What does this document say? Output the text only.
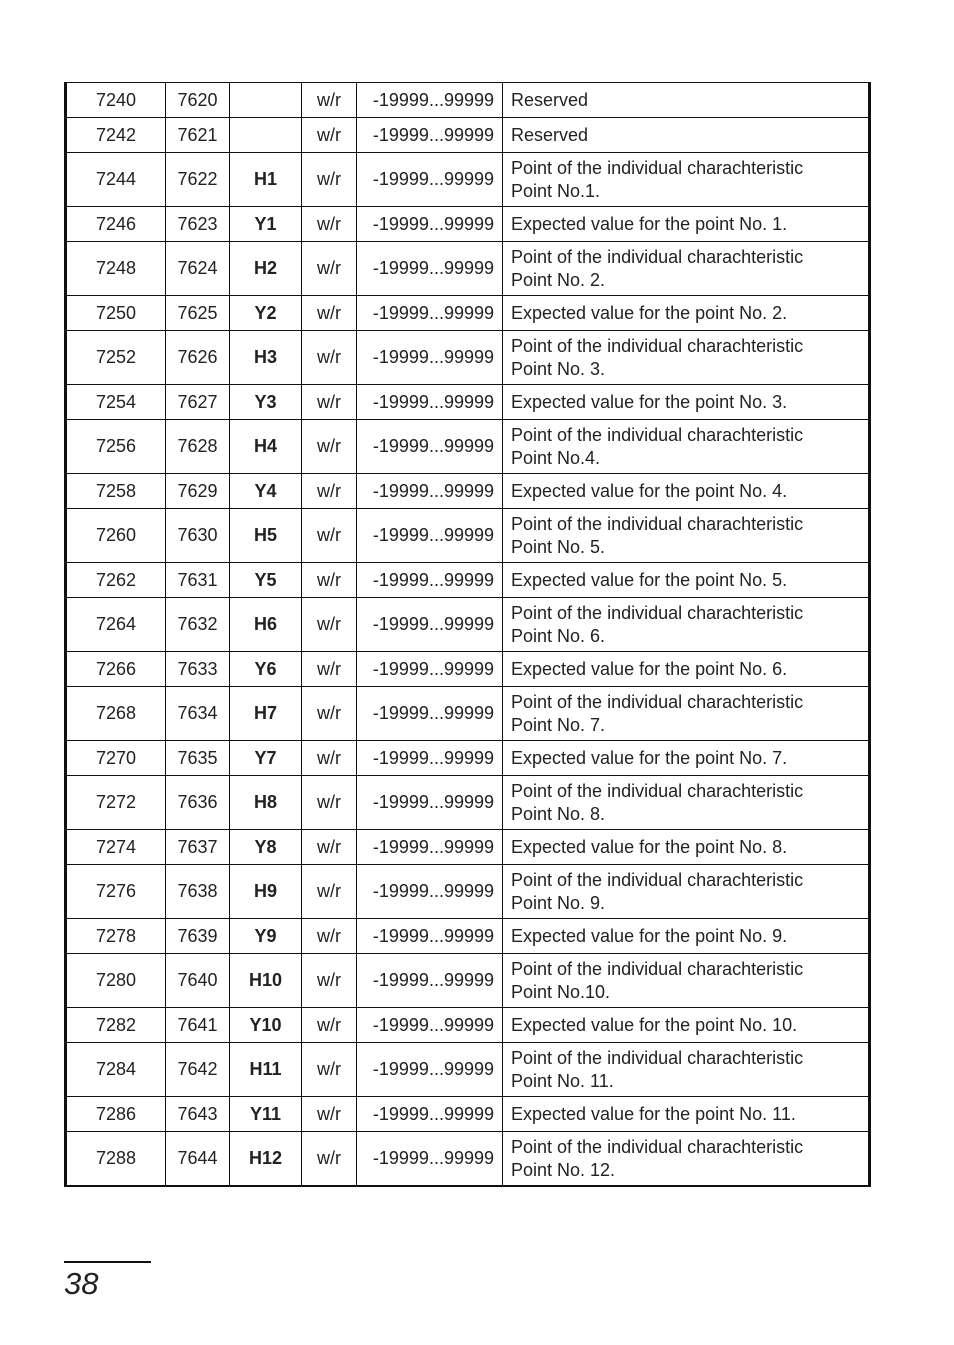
7240	7620		w/r	-19999...99999	Reserved

7242	7621		w/r	-19999...99999	Reserved

7244	7622	H1	w/r	-19999...99999	Point of the individual charachteristic
Point No.1.

7246	7623	Y1	w/r	-19999...99999	Expected value for the point No. 1.

7248	7624	H2	w/r	-19999...99999	Point of the individual charachteristic
Point No. 2.

7250	7625	Y2	w/r	-19999...99999	Expected value for the point No. 2.

7252	7626	H3	w/r	-19999...99999	Point of the individual charachteristic
Point No. 3.

7254	7627	Y3	w/r	-19999...99999	Expected value for the point No. 3.

7256	7628	H4	w/r	-19999...99999	Point of the individual charachteristic
Point No.4.

7258	7629	Y4	w/r	-19999...99999	Expected value for the point No. 4.

7260	7630	H5	w/r	-19999...99999	Point of the individual charachteristic
Point No. 5.

7262	7631	Y5	w/r	-19999...99999	Expected value for the point No. 5.

7264	7632	H6	w/r	-19999...99999	Point of the individual charachteristic
Point No. 6.

7266	7633	Y6	w/r	-19999...99999	Expected value for the point No. 6.

7268	7634	H7	w/r	-19999...99999	Point of the individual charachteristic
Point No. 7.

7270	7635	Y7	w/r	-19999...99999	Expected value for the point No. 7.

7272	7636	H8	w/r	-19999...99999	Point of the individual charachteristic
Point No. 8.

7274	7637	Y8	w/r	-19999...99999	Expected value for the point No. 8.

7276	7638	H9	w/r	-19999...99999	Point of the individual charachteristic
Point No. 9.

7278	7639	Y9	w/r	-19999...99999	Expected value for the point No. 9.

7280	7640	H10	w/r	-19999...99999	Point of the individual charachteristic
Point No.10.

7282	7641	Y10	w/r	-19999...99999	Expected value for the point No. 10.

7284	7642	H11	w/r	-19999...99999	Point of the individual charachteristic
Point No. 11.

7286	7643	Y11	w/r	-19999...99999	Expected value for the point No. 11.

7288	7644	H12	w/r	-19999...99999	Point of the individual charachteristic
Point No. 12.
38
